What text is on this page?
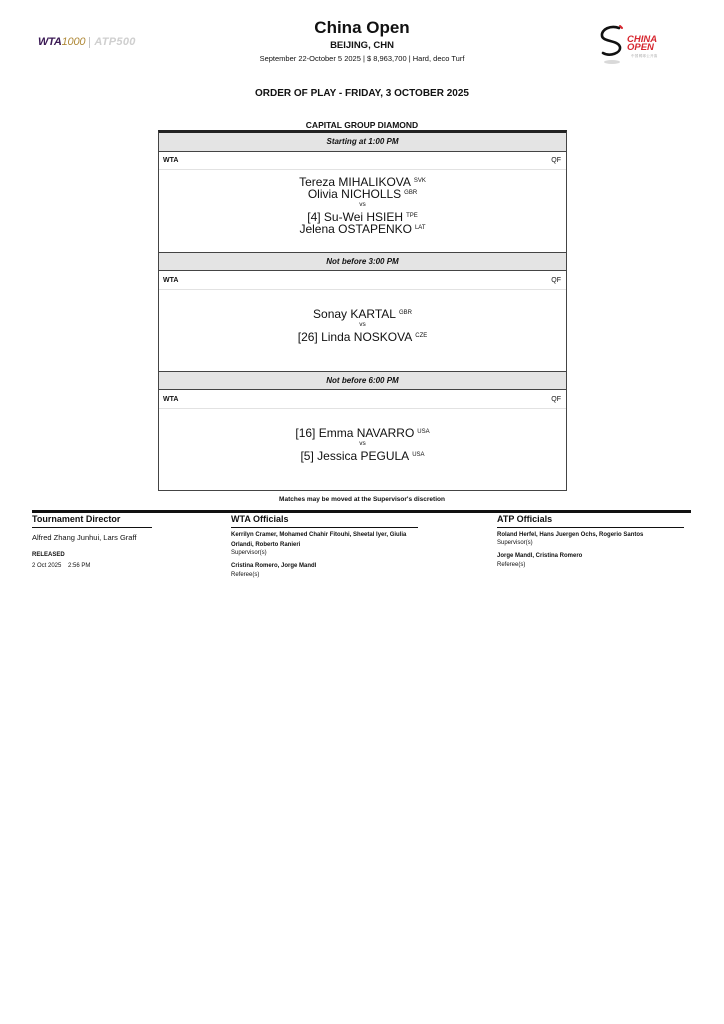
WTA1000 ATP500	CHINA
OPEN
中国网球公开赛
China Open
BEIJING, CHN
September 22-October 5 2025 | $ 8,963,700 | Hard, deco Turf
ORDER OF PLAY - FRIDAY, 3 OCTOBER 2025
CAPITAL GROUP DIAMOND
Starting at 1:00 PM
WTA	QF
Tereza MIHALIKOVA $^{SVK}$
Olivia NICHOLLS $^{GBR}$
vs
[4] Su-Wei HSIEH $^{TPE}$
Jelena OSTAPENKO $^{LAT}$
Not before 3:00 PM
WTA	QF
Sonay KARTAL $^{GBR}$
vs
[26] Linda NOSKOVA $^{CZE}$
Not before 6:00 PM
WTA	QF
[16] Emma NAVARRO $^{USA}$
vs
[5] Jessica PEGULA $^{USA}$
Matches may be moved at the Supervisor's discretion
Tournament Director
Alfred Zhang Junhui, Lars Graff
RELEASED
2 Oct 2025    2:56 PM
WTA Officials
Kerrilyn Cramer, Mohamed Chahir Fitouhi, Sheetal Iyer, Giulia
Orlandi, Roberto Ranieri
Supervisor(s)
Cristina Romero, Jorge Mandl
Referee(s)
ATP Officials
Roland Herfel, Hans Juergen Ochs, Rogerio Santos
Supervisor(s)
Jorge Mandl, Cristina Romero
Referee(s)
